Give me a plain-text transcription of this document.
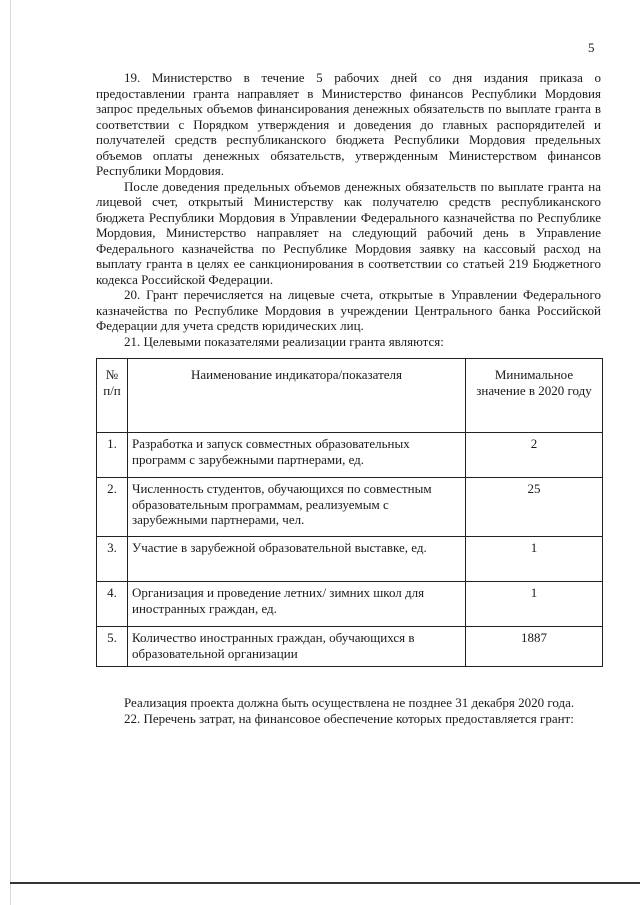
5

19. Министерство в течение 5 рабочих дней со дня издания приказа о предоставлении гранта направляет в Министерство финансов Республики Мордовия запрос предельных объемов финансирования денежных обязательств по выплате гранта в соответствии с Порядком утверждения и доведения до главных распорядителей и получателей средств республиканского бюджета Республики Мордовия предельных объемов оплаты денежных обязательств, утвержденным Министерством финансов Республики Мордовия.

После доведения предельных объемов денежных обязательств по выплате гранта на лицевой счет, открытый Министерству как получателю средств республиканского бюджета Республики Мордовия в Управлении Федерального казначейства по Республике Мордовия, Министерство направляет на следующий рабочий день в Управление Федерального казначейства по Республике Мордовия заявку на кассовый расход на выплату гранта в целях ее санкционирования в соответствии со статьей 219 Бюджетного кодекса Российской Федерации.

20. Грант перечисляется на лицевые счета, открытые в Управлении Федерального казначейства по Республике Мордовия в учреждении Центрального банка Российской Федерации для учета средств юридических лиц.

21. Целевыми показателями реализации гранта являются:

№ п/п	Наименование индикатора/показателя	Минимальное значение в 2020 году
1.	Разработка и запуск совместных образовательных программ с зарубежными партнерами, ед.	2
2.	Численность студентов, обучающихся по совместным образовательным программам, реализуемым с зарубежными партнерами, чел.	25
3.	Участие в зарубежной образовательной выставке, ед.	1
4.	Организация и проведение летних/ зимних школ для иностранных граждан, ед.	1
5.	Количество иностранных граждан, обучающихся в образовательной организации	1887

Реализация проекта должна быть осуществлена не позднее 31 декабря 2020 года.

22. Перечень затрат, на финансовое обеспечение которых предоставляется грант:
